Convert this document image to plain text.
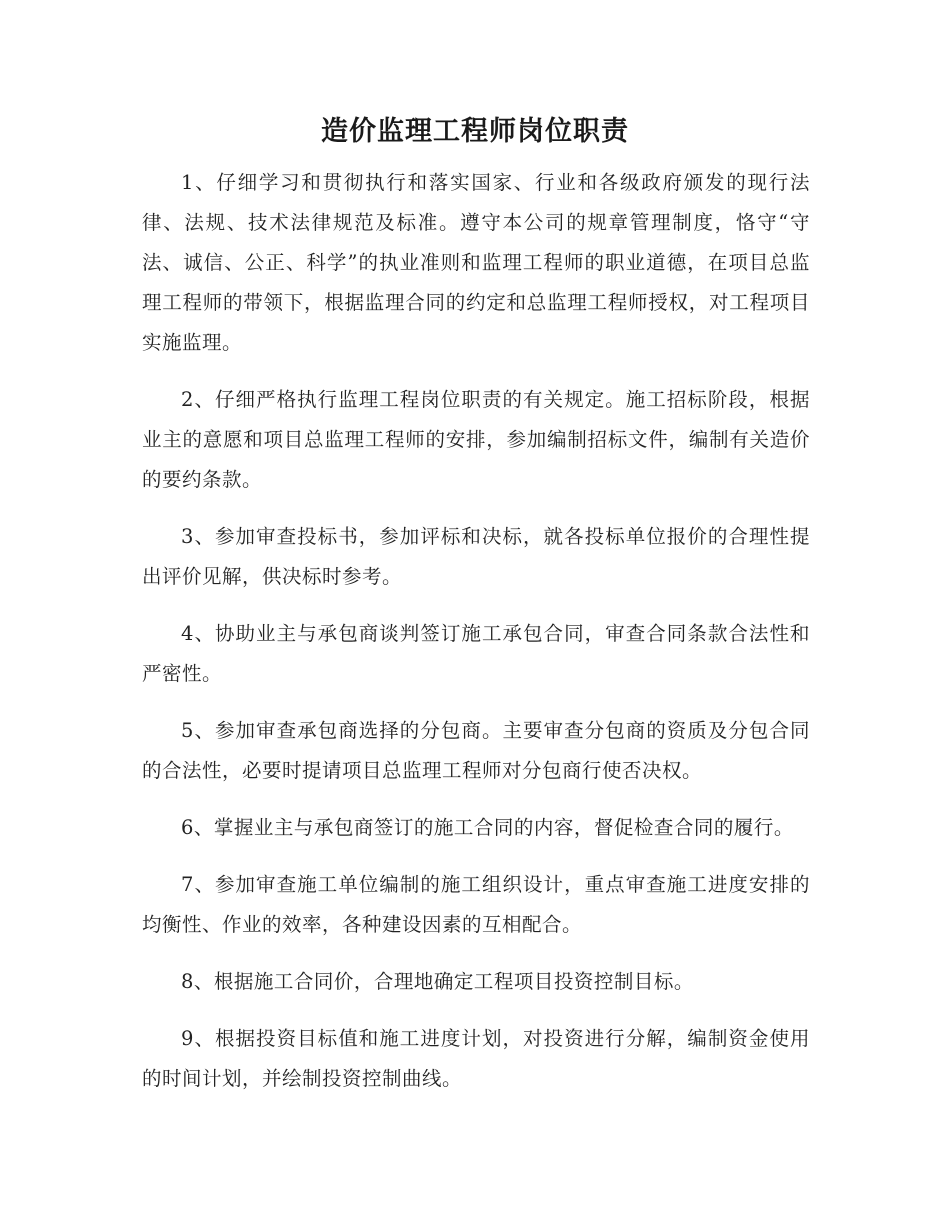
造价监理工程师岗位职责

1、仔细学习和贯彻执行和落实国家、行业和各级政府颁发的现行法律、法规、技术法律规范及标准。遵守本公司的规章管理制度，恪守“守法、诚信、公正、科学”的执业准则和监理工程师的职业道德，在项目总监理工程师的带领下，根据监理合同的约定和总监理工程师授权，对工程项目实施监理。

2、仔细严格执行监理工程岗位职责的有关规定。施工招标阶段，根据业主的意愿和项目总监理工程师的安排，参加编制招标文件，编制有关造价的要约条款。

3、参加审查投标书，参加评标和决标，就各投标单位报价的合理性提出评价见解，供决标时参考。

4、协助业主与承包商谈判签订施工承包合同，审查合同条款合法性和严密性。

5、参加审查承包商选择的分包商。主要审查分包商的资质及分包合同的合法性，必要时提请项目总监理工程师对分包商行使否决权。

6、掌握业主与承包商签订的施工合同的内容，督促检查合同的履行。

7、参加审查施工单位编制的施工组织设计，重点审查施工进度安排的均衡性、作业的效率，各种建设因素的互相配合。

8、根据施工合同价，合理地确定工程项目投资控制目标。

9、根据投资目标值和施工进度计划，对投资进行分解，编制资金使用的时间计划，并绘制投资控制曲线。
